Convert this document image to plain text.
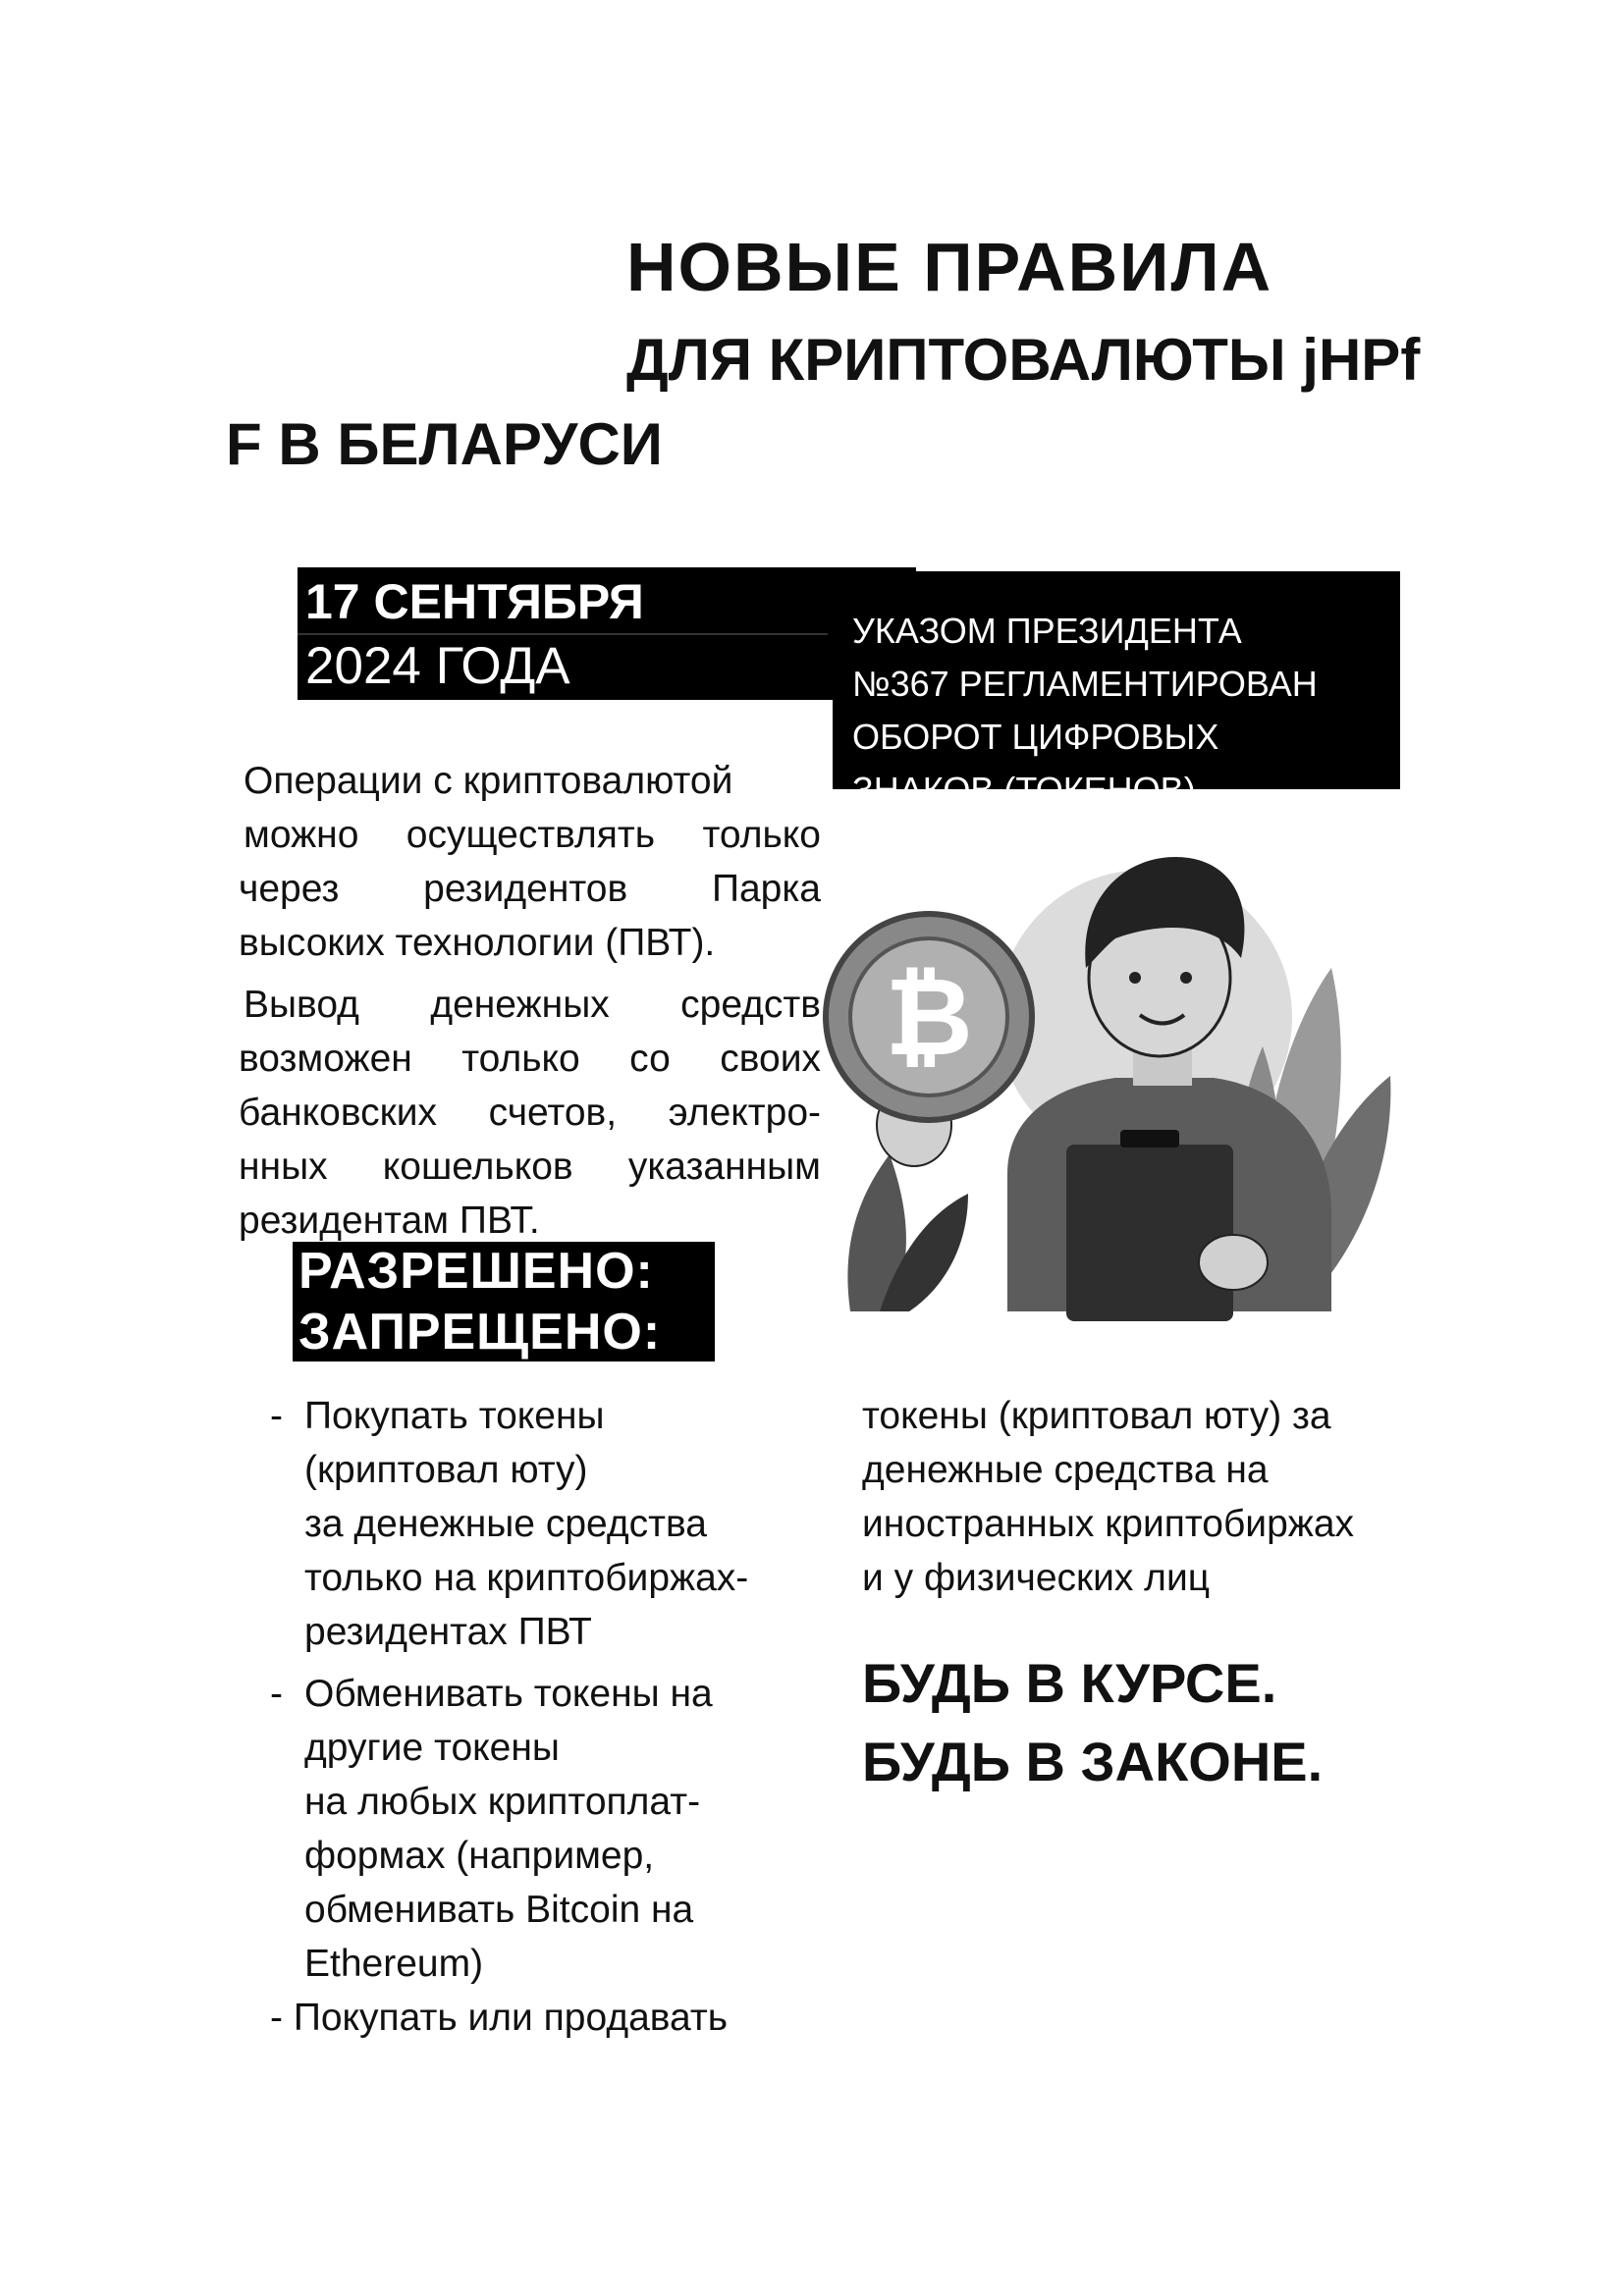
НОВЫЕ ПРАВИЛА
ДЛЯ КРИПТОВАЛЮТЫ jHPf
F В БЕЛАРУСИ
17 СЕНТЯБРЯ
2024 ГОДА
УКАЗОМ ПРЕЗИДЕНТА
№367 РЕГЛАМЕНТИРОВАН
ОБОРОТ ЦИФРОВЫХ
ЗНАКОВ (ТОКЕНОВ)
Операции с криптовалютой
можно осуществлять только
через резидентов Парка
высоких технологии (ПВТ).
Вывод денежных средств
возможен только со своих
банковских счетов, электро-
нных кошельков указанным
резидентам ПВТ.
₿
РАЗРЕШЕНО:
ЗАПРЕЩЕНО:
- Покупать токены
(криптовал юту)
за денежные средства
только на криптобиржах-
резидентах ПВТ
- Обменивать токены на
другие токены
на любых криптоплат-
формах (например,
обменивать Bitcoin на
Ethereum)
- Покупать или продавать
токены (криптовал юту) за
денежные средства на
иностранных криптобиржах
и у физических лиц
БУДЬ В КУРСЕ.
БУДЬ В ЗАКОНЕ.
